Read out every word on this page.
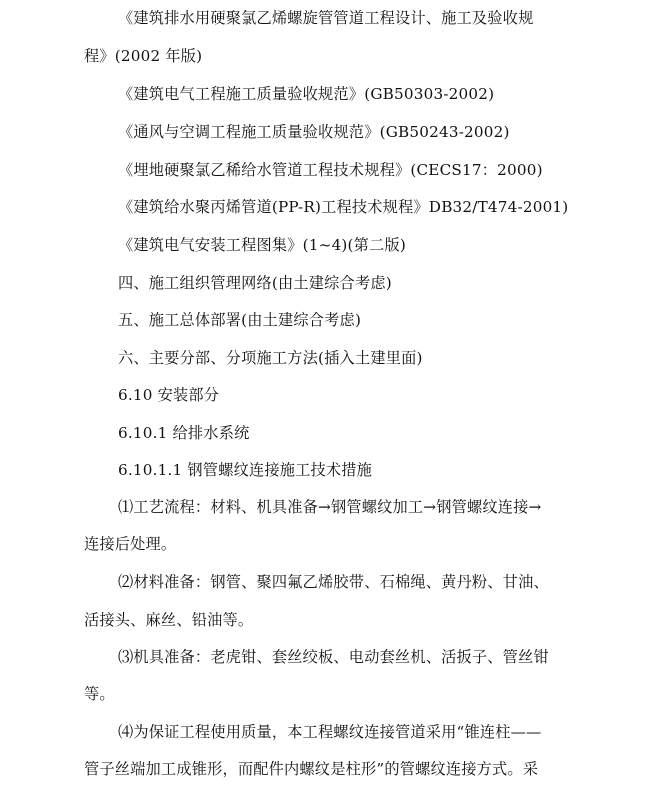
《建筑排水用硬聚氯乙烯螺旋管管道工程设计、施工及验收规
程》(2002 年版)
《建筑电气工程施工质量验收规范》(GB50303-2002)
《通风与空调工程施工质量验收规范》(GB50243-2002)
《埋地硬聚氯乙稀给水管道工程技术规程》(CECS17：2000)
《建筑给水聚丙烯管道(PP-R)工程技术规程》DB32/T474-2001)
《建筑电气安装工程图集》(1~4)(第二版)
四、施工组织管理网络(由土建综合考虑)
五、施工总体部署(由土建综合考虑)
六、主要分部、分项施工方法(插入土建里面)
6.10 安装部分
6.10.1 给排水系统
6.10.1.1 钢管螺纹连接施工技术措施
⑴工艺流程：材料、机具准备→钢管螺纹加工→钢管螺纹连接→
连接后处理。
⑵材料准备：钢管、聚四氟乙烯胶带、石棉绳、黄丹粉、甘油、
活接头、麻丝、铅油等。
⑶机具准备：老虎钳、套丝绞板、电动套丝机、活扳子、管丝钳
等。
⑷为保证工程使用质量，本工程螺纹连接管道采用“锥连柱——
管子丝端加工成锥形，而配件内螺纹是柱形”的管螺纹连接方式。采
